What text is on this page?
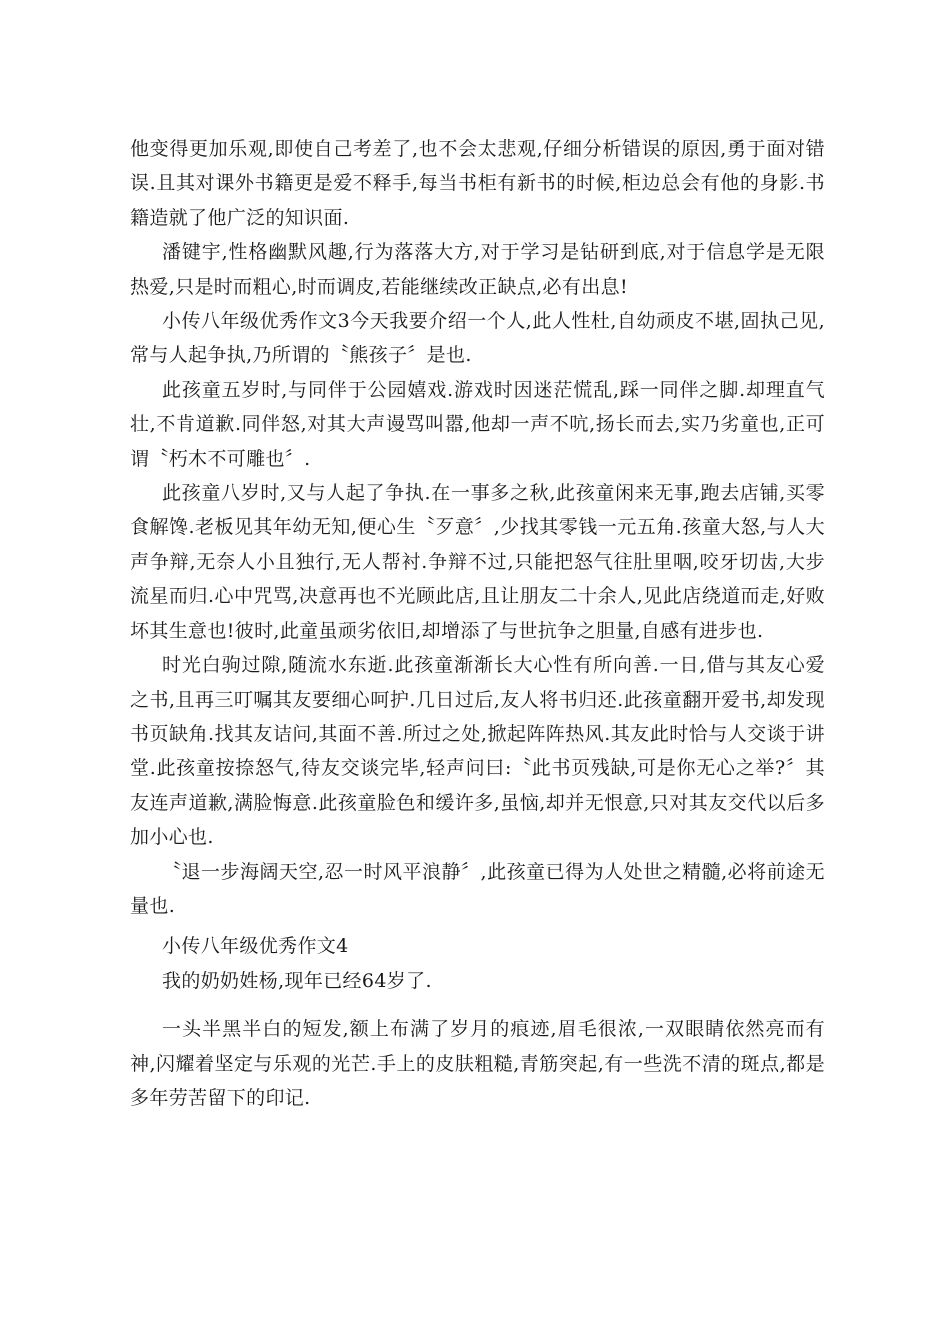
他变得更加乐观,即使自己考差了,也不会太悲观,仔细分析错误的原因,勇于面对错误.且其对课外书籍更是爱不释手,每当书柜有新书的时候,柜边总会有他的身影.书籍造就了他广泛的知识面.

潘键宇,性格幽默风趣,行为落落大方,对于学习是钻研到底,对于信息学是无限热爱,只是时而粗心,时而调皮,若能继续改正缺点,必有出息!

小传八年级优秀作文3今天我要介绍一个人,此人性杜,自幼顽皮不堪,固执己见,常与人起争执,乃所谓的〝熊孩子〞是也.

此孩童五岁时,与同伴于公园嬉戏.游戏时因迷茫慌乱,踩一同伴之脚.却理直气壮,不肯道歉.同伴怒,对其大声谩骂叫嚣,他却一声不吭,扬长而去,实乃劣童也,正可谓〝朽木不可雕也〞.

此孩童八岁时,又与人起了争执.在一事多之秋,此孩童闲来无事,跑去店铺,买零食解馋.老板见其年幼无知,便心生〝歹意〞,少找其零钱一元五角.孩童大怒,与人大声争辩,无奈人小且独行,无人帮衬.争辩不过,只能把怒气往肚里咽,咬牙切齿,大步流星而归.心中咒骂,决意再也不光顾此店,且让朋友二十余人,见此店绕道而走,好败坏其生意也!彼时,此童虽顽劣依旧,却增添了与世抗争之胆量,自感有进步也.

时光白驹过隙,随流水东逝.此孩童渐渐长大心性有所向善.一日,借与其友心爱之书,且再三叮嘱其友要细心呵护.几日过后,友人将书归还.此孩童翻开爱书,却发现书页缺角.找其友诘问,其面不善.所过之处,掀起阵阵热风.其友此时恰与人交谈于讲堂.此孩童按捺怒气,待友交谈完毕,轻声问曰:〝此书页残缺,可是你无心之举?〞其友连声道歉,满脸悔意.此孩童脸色和缓许多,虽恼,却并无恨意,只对其友交代以后多加小心也.

〝退一步海阔天空,忍一时风平浪静〞,此孩童已得为人处世之精髓,必将前途无量也.

小传八年级优秀作文4

我的奶奶姓杨,现年已经64岁了.

一头半黑半白的短发,额上布满了岁月的痕迹,眉毛很浓,一双眼睛依然亮而有神,闪耀着坚定与乐观的光芒.手上的皮肤粗糙,青筋突起,有一些洗不清的斑点,都是多年劳苦留下的印记.
